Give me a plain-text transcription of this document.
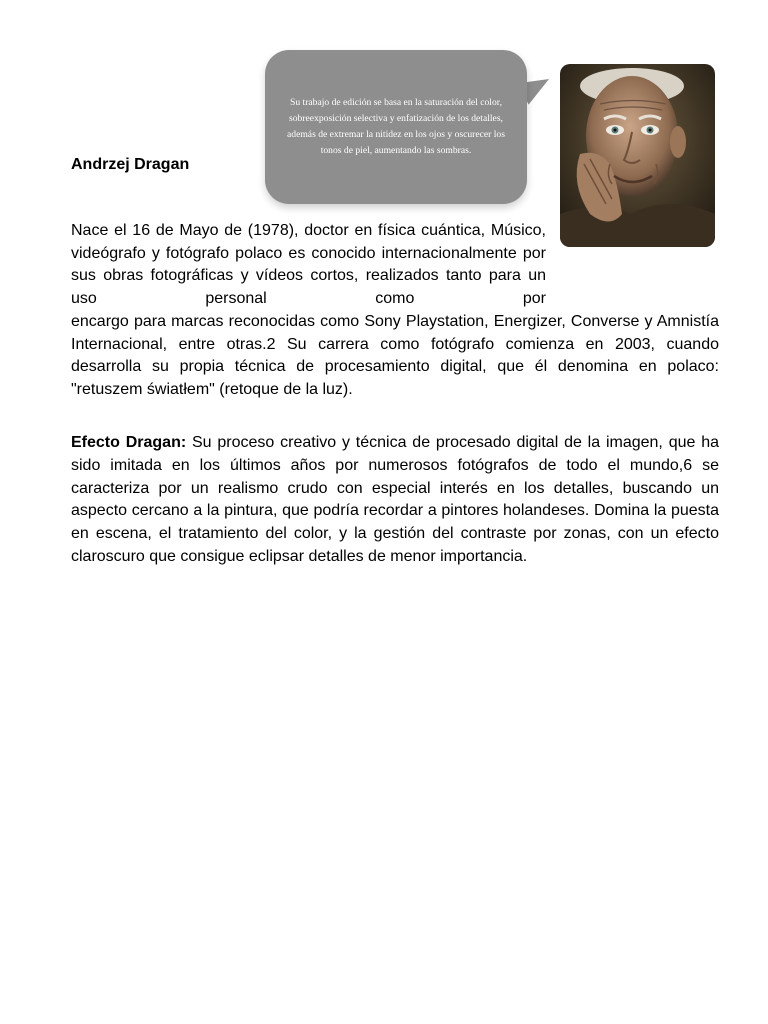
Su trabajo de edición se basa en la saturación del color, sobreexposición selectiva y enfatización de los detalles, además de extremar la nitidez en los ojos y oscurecer los tonos de piel, aumentando las sombras.

Andrzej Dragan

Nace el 16 de Mayo de (1978), doctor en física cuántica, Músico, videógrafo y fotógrafo polaco es conocido internacionalmente por sus obras fotográficas y vídeos cortos, realizados tanto para un uso personal como por

encargo para marcas reconocidas como Sony Playstation, Energizer, Converse y Amnistía Internacional, entre otras.2 Su carrera como fotógrafo comienza en 2003, cuando desarrolla su propia técnica de procesamiento digital, que él denomina en polaco: "retuszem światłem" (retoque de la luz).

Efecto Dragan: Su proceso creativo y técnica de procesado digital de la imagen, que ha sido imitada en los últimos años por numerosos fotógrafos de todo el mundo,6 se caracteriza por un realismo crudo con especial interés en los detalles, buscando un aspecto cercano a la pintura, que podría recordar a pintores holandeses. Domina la puesta en escena, el tratamiento del color, y la gestión del contraste por zonas, con un efecto claroscuro que consigue eclipsar detalles de menor importancia.
